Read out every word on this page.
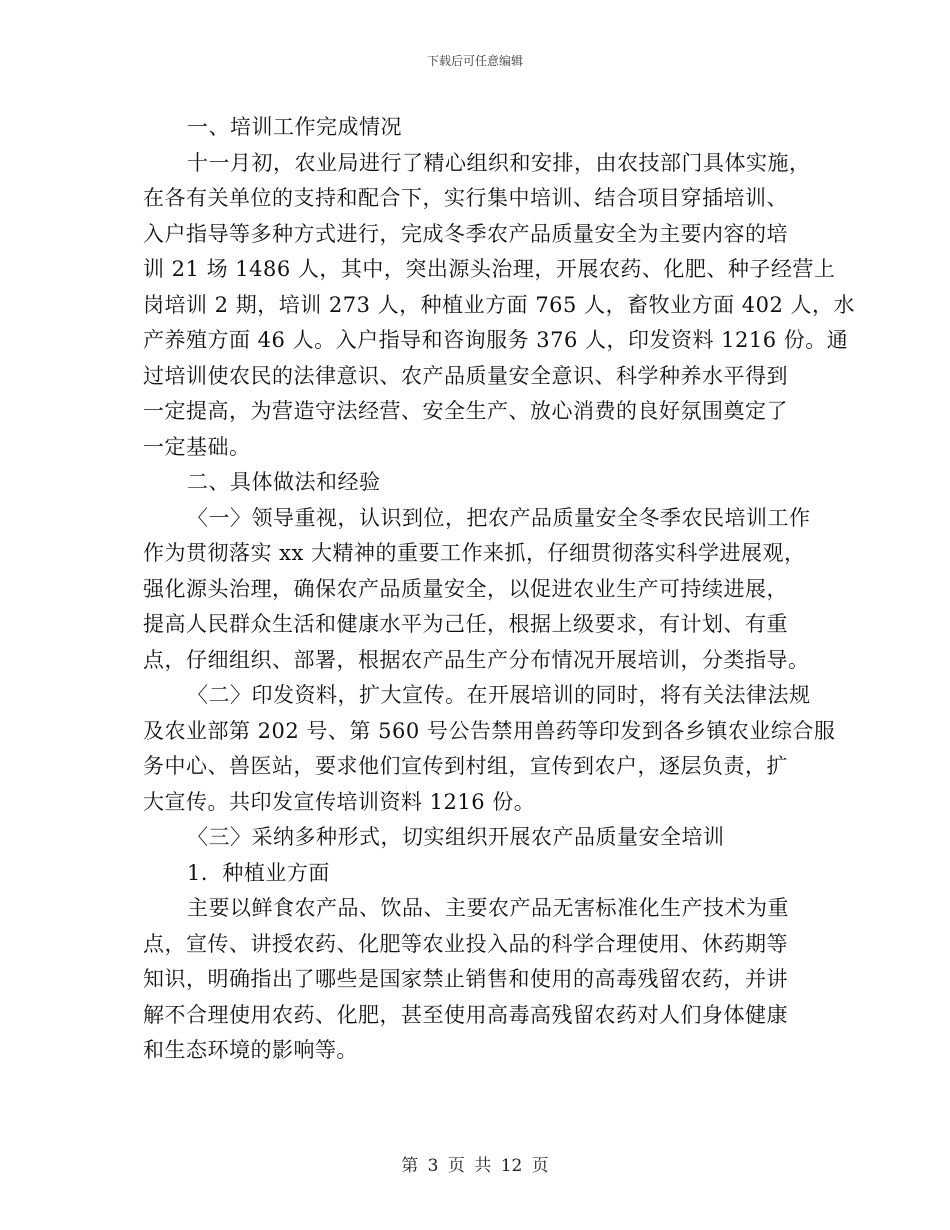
下载后可任意编辑
一、培训工作完成情况
十一月初，农业局进行了精心组织和安排，由农技部门具体实施，
在各有关单位的支持和配合下，实行集中培训、结合项目穿插培训、
入户指导等多种方式进行，完成冬季农产品质量安全为主要内容的培
训 21 场 1486 人，其中，突出源头治理，开展农药、化肥、种子经营上
岗培训 2 期，培训 273 人，种植业方面 765 人，畜牧业方面 402 人，水
产养殖方面 46 人。入户指导和咨询服务 376 人，印发资料 1216 份。通
过培训使农民的法律意识、农产品质量安全意识、科学种养水平得到
一定提高，为营造守法经营、安全生产、放心消费的良好氛围奠定了
一定基础。
二、具体做法和经验
〈一〉领导重视，认识到位，把农产品质量安全冬季农民培训工作
作为贯彻落实 xx 大精神的重要工作来抓，仔细贯彻落实科学进展观，
强化源头治理，确保农产品质量安全，以促进农业生产可持续进展，
提高人民群众生活和健康水平为己任，根据上级要求，有计划、有重
点，仔细组织、部署，根据农产品生产分布情况开展培训，分类指导。
〈二〉印发资料，扩大宣传。在开展培训的同时，将有关法律法规
及农业部第 202 号、第 560 号公告禁用兽药等印发到各乡镇农业综合服
务中心、兽医站，要求他们宣传到村组，宣传到农户，逐层负责，扩
大宣传。共印发宣传培训资料 1216 份。
〈三〉采纳多种形式，切实组织开展农产品质量安全培训
1．种植业方面
主要以鲜食农产品、饮品、主要农产品无害标准化生产技术为重
点，宣传、讲授农药、化肥等农业投入品的科学合理使用、休药期等
知识，明确指出了哪些是国家禁止销售和使用的高毒残留农药，并讲
解不合理使用农药、化肥，甚至使用高毒高残留农药对人们身体健康
和生态环境的影响等。
第 3 页 共 12 页
